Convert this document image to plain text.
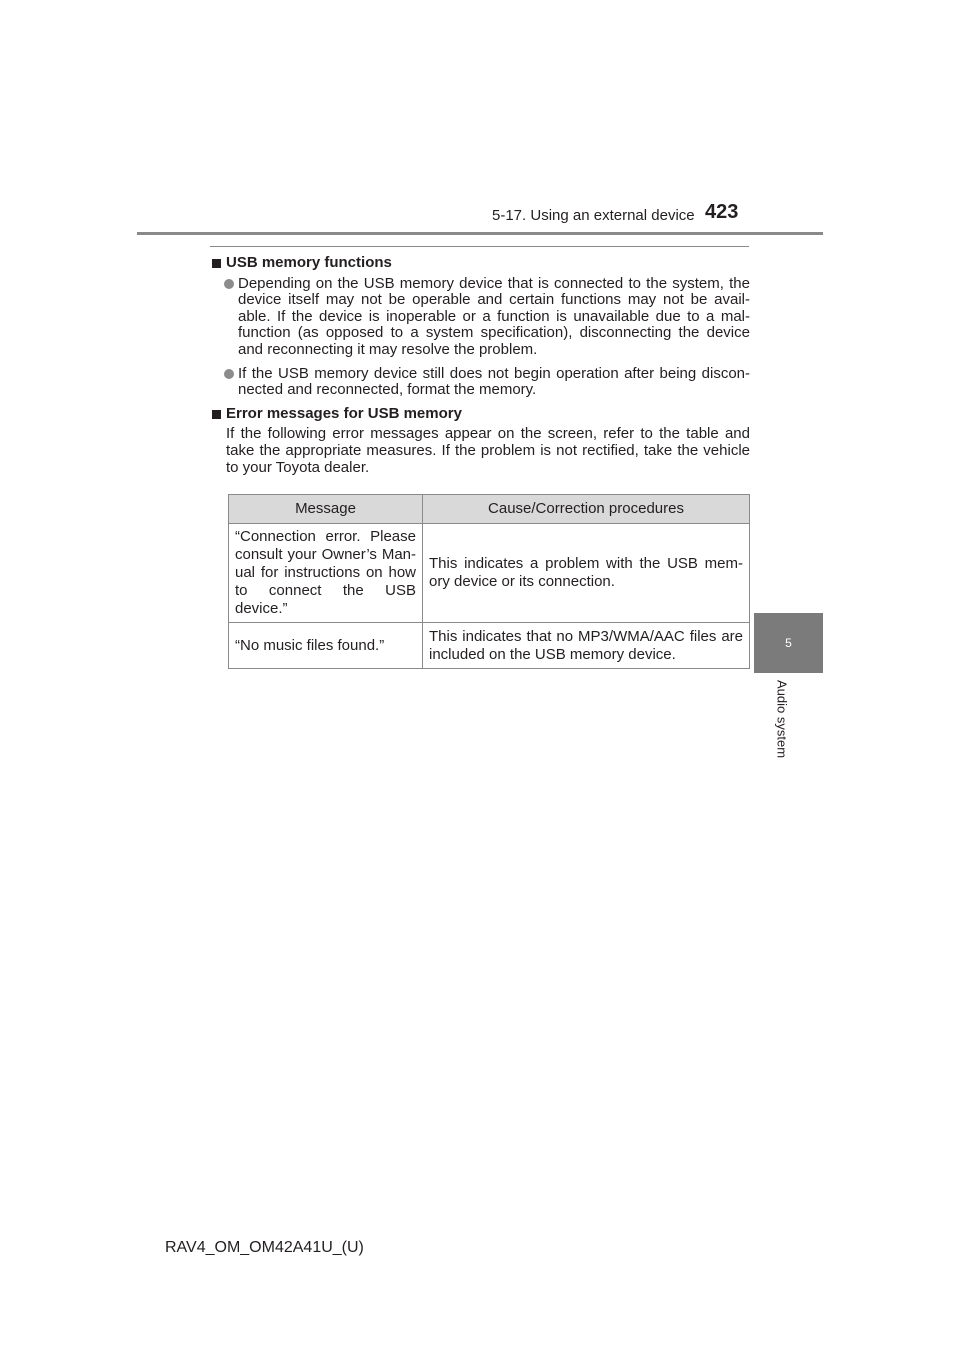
5-17. Using an external device 423
5
Audio system
USB memory functions
Depending on the USB memory device that is connected to the system, the device itself may not be operable and certain functions may not be avail-able. If the device is inoperable or a function is unavailable due to a mal-function (as opposed to a system specification), disconnecting the device and reconnecting it may resolve the problem.
If the USB memory device still does not begin operation after being discon-nected and reconnected, format the memory.
Error messages for USB memory

If the following error messages appear on the screen, refer to the table and take the appropriate measures. If the problem is not rectified, take the vehicle to your Toyota dealer.

Message	Cause/Correction procedures
“Connection error. Please consult your Owner’s Man-ual for instructions on how to connect the USB device.”	This indicates a problem with the USB mem-ory device or its connection.
“No music files found.”	This indicates that no MP3/WMA/AAC files are included on the USB memory device.
RAV4_OM_OM42A41U_(U)
